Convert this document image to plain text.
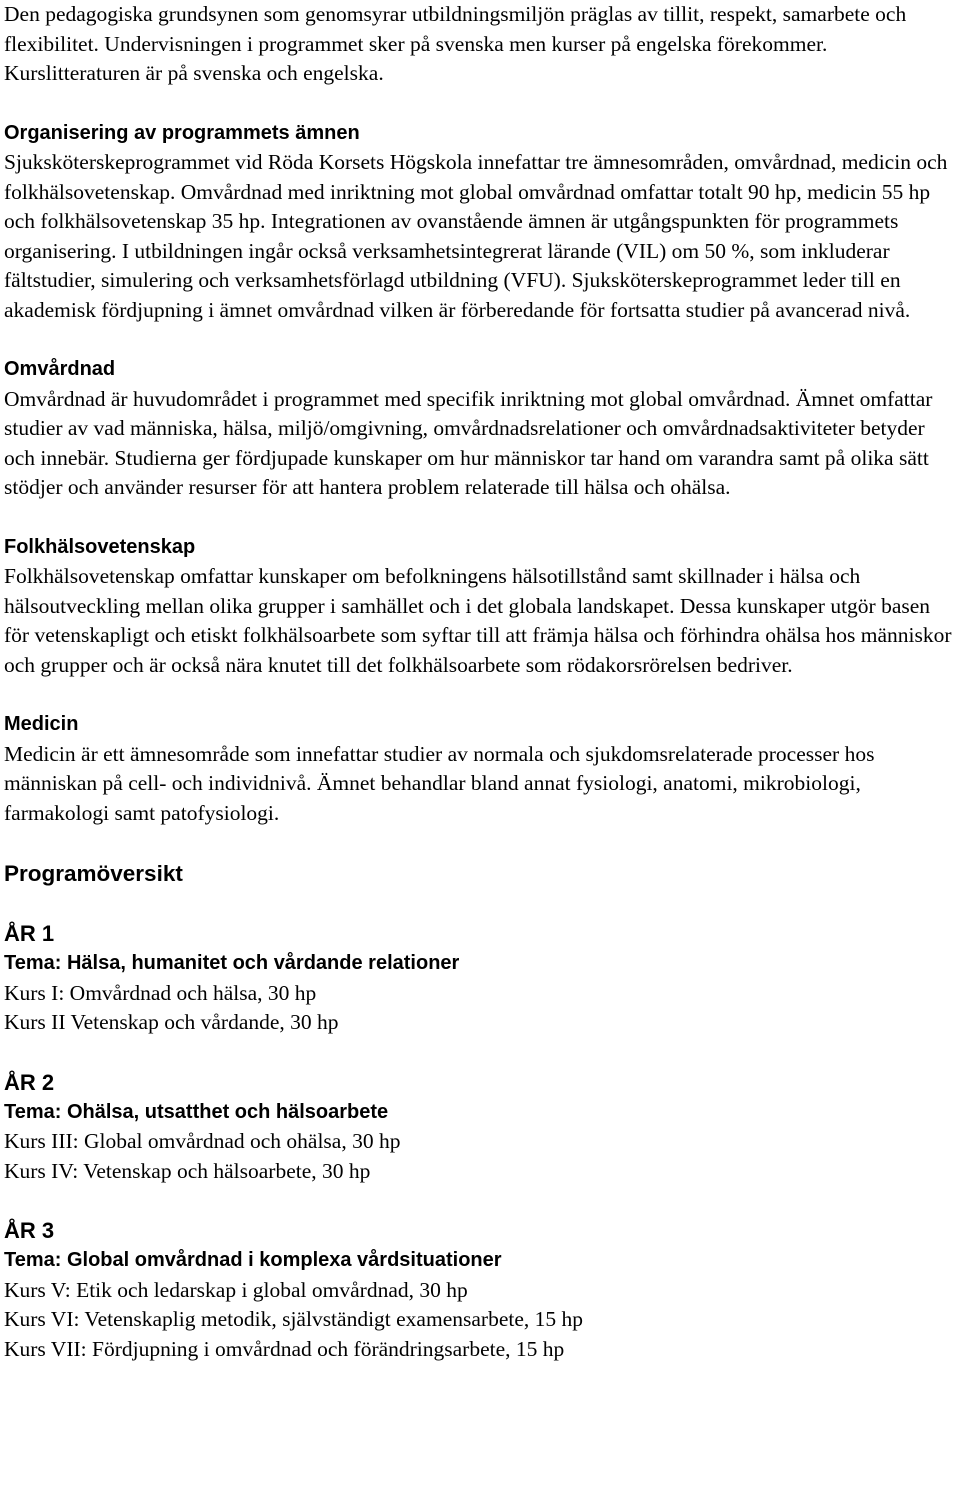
Den pedagogiska grundsynen som genomsyrar utbildningsmiljön präglas av tillit, respekt, samarbete och flexibilitet. Undervisningen i programmet sker på svenska men kurser på engelska förekommer. Kurslitteraturen är på svenska och engelska.

Organisering av programmets ämnen

Sjuksköterskeprogrammet vid Röda Korsets Högskola innefattar tre ämnesområden, omvårdnad, medicin och folkhälsovetenskap. Omvårdnad med inriktning mot global omvårdnad omfattar totalt 90 hp, medicin 55 hp och folkhälsovetenskap 35 hp. Integrationen av ovanstående ämnen är utgångspunkten för programmets organisering. I utbildningen ingår också verksamhetsintegrerat lärande (VIL) om 50 %, som inkluderar fältstudier, simulering och verksamhetsförlagd utbildning (VFU). Sjuksköterskeprogrammet leder till en akademisk fördjupning i ämnet omvårdnad vilken är förberedande för fortsatta studier på avancerad nivå.

Omvårdnad

Omvårdnad är huvudområdet i programmet med specifik inriktning mot global omvårdnad. Ämnet omfattar studier av vad människa, hälsa, miljö/omgivning, omvårdnadsrelationer och omvårdnadsaktiviteter betyder och innebär. Studierna ger fördjupade kunskaper om hur människor tar hand om varandra samt på olika sätt stödjer och använder resurser för att hantera problem relaterade till hälsa och ohälsa.

Folkhälsovetenskap

Folkhälsovetenskap omfattar kunskaper om befolkningens hälsotillstånd samt skillnader i hälsa och hälsoutveckling mellan olika grupper i samhället och i det globala landskapet. Dessa kunskaper utgör basen för vetenskapligt och etiskt folkhälsoarbete som syftar till att främja hälsa och förhindra ohälsa hos människor och grupper och är också nära knutet till det folkhälsoarbete som rödakorsrörelsen bedriver.

Medicin

Medicin är ett ämnesområde som innefattar studier av normala och sjukdomsrelaterade processer hos människan på cell- och individnivå. Ämnet behandlar bland annat fysiologi, anatomi, mikrobiologi, farmakologi samt patofysiologi.

Programöversikt
ÅR 1

Tema: Hälsa, humanitet och vårdande relationer

Kurs I: Omvårdnad och hälsa, 30 hp

Kurs II Vetenskap och vårdande, 30 hp

ÅR 2

Tema: Ohälsa, utsatthet och hälsoarbete

Kurs III: Global omvårdnad och ohälsa, 30 hp

Kurs IV: Vetenskap och hälsoarbete, 30 hp

ÅR 3

Tema: Global omvårdnad i komplexa vårdsituationer

Kurs V: Etik och ledarskap i global omvårdnad, 30 hp

Kurs VI: Vetenskaplig metodik, självständigt examensarbete, 15 hp

Kurs VII: Fördjupning i omvårdnad och förändringsarbete, 15 hp
